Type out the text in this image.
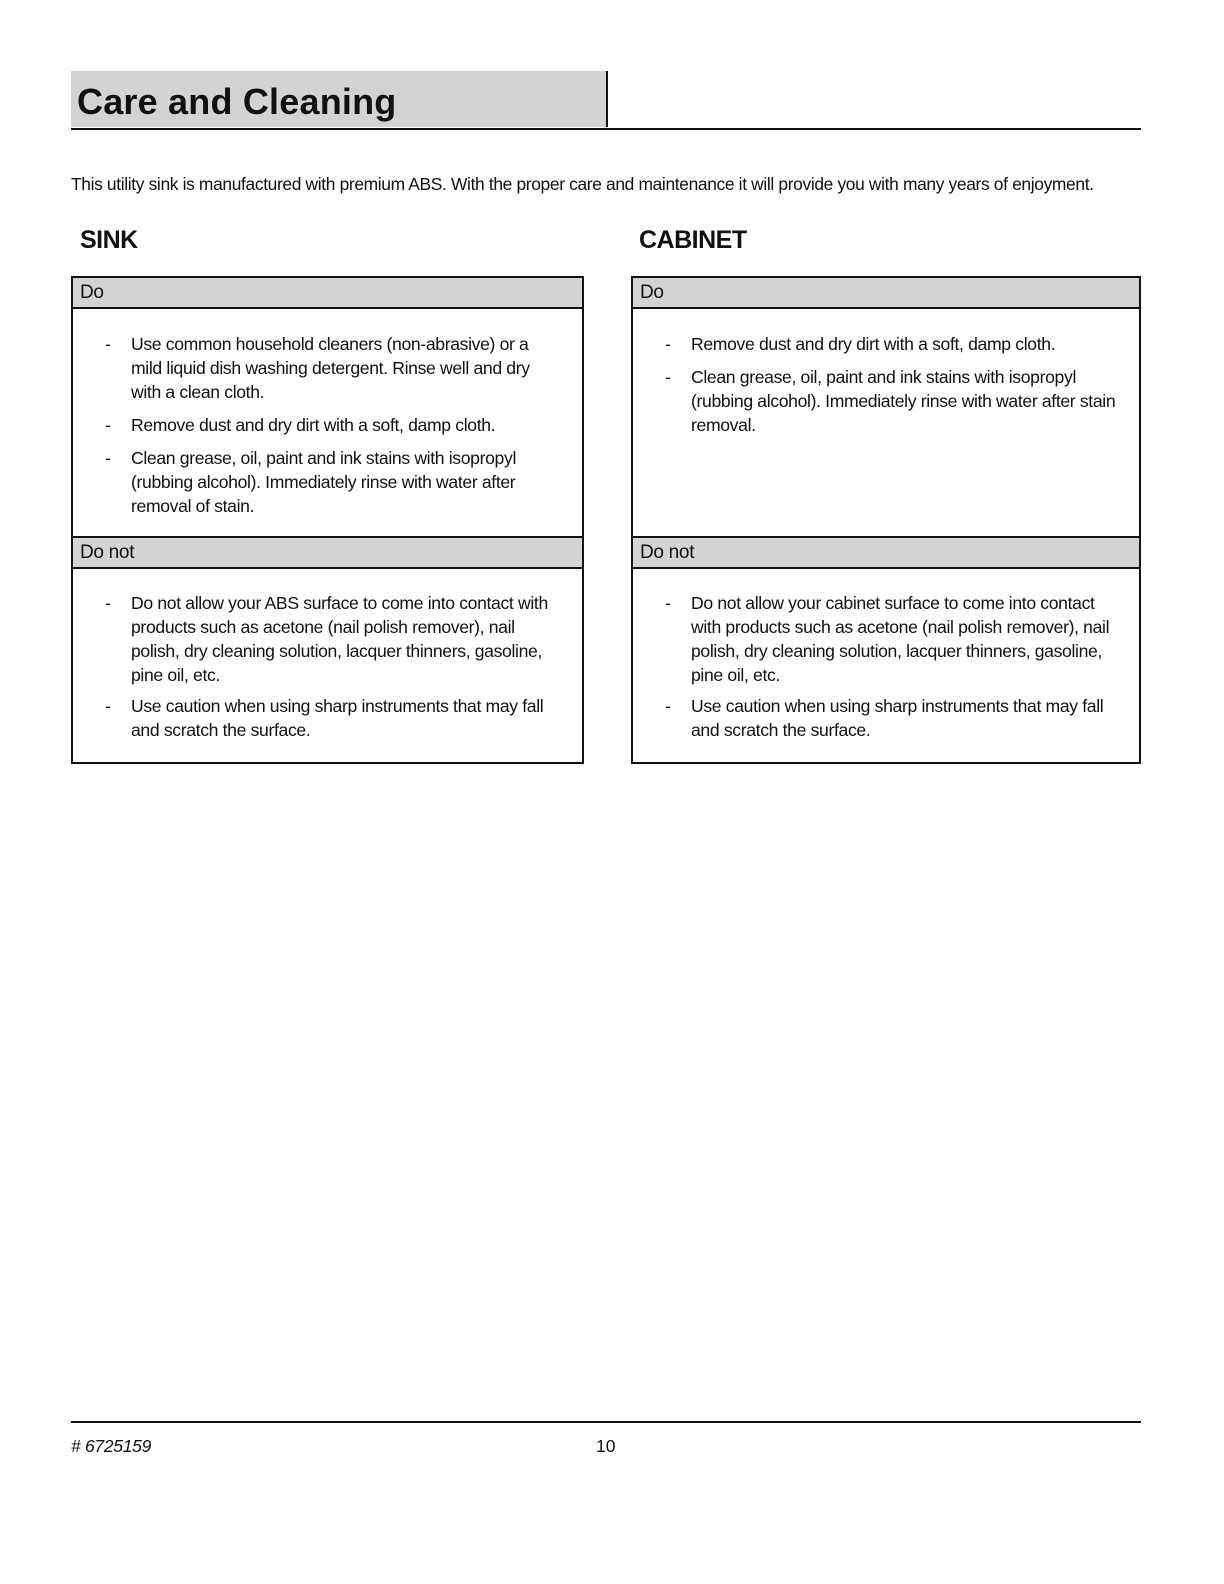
Care and Cleaning

This utility sink is manufactured with premium ABS. With the proper care and maintenance it will provide you with many years of enjoyment.

SINK	CABINET
Do
- Use common household cleaners (non-abrasive) or a mild liquid dish washing detergent. Rinse well and dry with a clean cloth.
- Remove dust and dry dirt with a soft, damp cloth.
- Clean grease, oil, paint and ink stains with isopropyl (rubbing alcohol). Immediately rinse with water after removal of stain.
Do not
- Do not allow your ABS surface to come into contact with products such as acetone (nail polish remover), nail polish, dry cleaning solution, lacquer thinners, gasoline, pine oil, etc.
- Use caution when using sharp instruments that may fall and scratch the surface.
Do
- Remove dust and dry dirt with a soft, damp cloth.
- Clean grease, oil, paint and ink stains with isopropyl (rubbing alcohol). Immediately rinse with water after stain removal.
Do not
- Do not allow your cabinet surface to come into contact with products such as acetone (nail polish remover), nail polish, dry cleaning solution, lacquer thinners, gasoline, pine oil, etc.
- Use caution when using sharp instruments that may fall and scratch the surface.
# 6725159	10
